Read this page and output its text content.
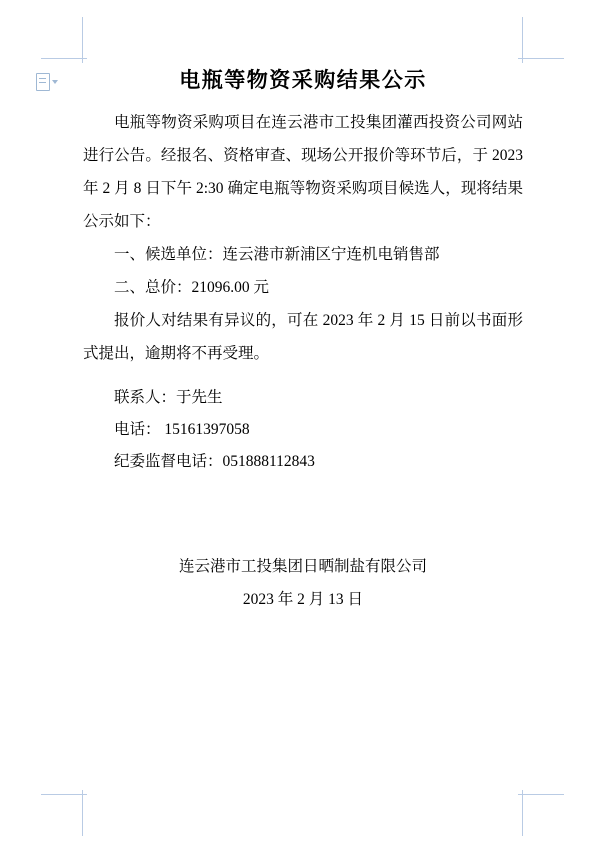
电瓶等物资采购结果公示

电瓶等物资采购项目在连云港市工投集团灌西投资公司网站进行公告。经报名、资格审查、现场公开报价等环节后，于 2023 年 2 月 8 日下午 2:30 确定电瓶等物资采购项目候选人，现将结果公示如下：

一、候选单位：连云港市新浦区宁连机电销售部

二、总价：21096.00 元

报价人对结果有异议的，可在 2023 年 2 月 15 日前以书面形式提出，逾期将不再受理。

联系人：于先生

电话： 15161397058

纪委监督电话：051888112843

连云港市工投集团日晒制盐有限公司

2023 年 2 月 13 日
